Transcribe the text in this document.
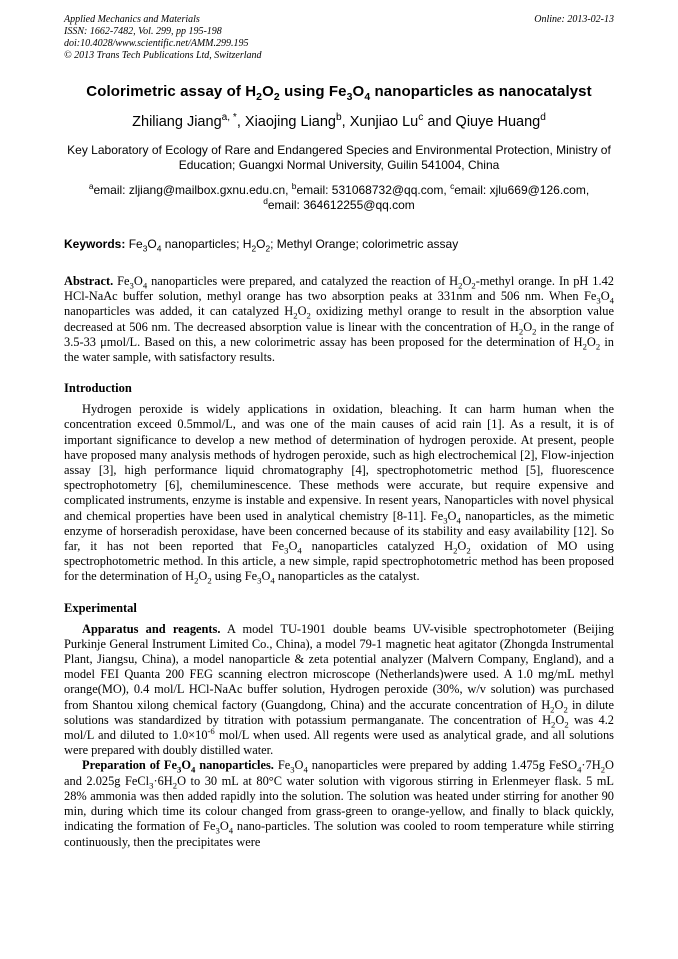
Applied Mechanics and Materials
ISSN: 1662-7482, Vol. 299, pp 195-198
doi:10.4028/www.scientific.net/AMM.299.195
© 2013 Trans Tech Publications Ltd, Switzerland
Online: 2013-02-13
Colorimetric assay of $H_2O_2$ using $Fe_3O_4$ nanoparticles as nanocatalyst
Zhiliang Jiang$^{a, *}$, Xiaojing Liang$^b$, Xunjiao Lu$^c$ and Qiuye Huang$^d$
Key Laboratory of Ecology of Rare and Endangered Species and Environmental Protection, Ministry of Education; Guangxi Normal University, Guilin 541004, China
$^a$email: zljiang@mailbox.gxnu.edu.cn, $^b$email: 531068732@qq.com, $^c$email: xjlu669@126.com,
$^d$email: 364612255@qq.com
Keywords: $Fe_3O_4$ nanoparticles; $H_2O_2$; Methyl Orange; colorimetric assay
Abstract. $Fe_3O_4$ nanoparticles were prepared, and catalyzed the reaction of $H_2O_2$-methyl orange. In pH 1.42 HCl-NaAc buffer solution, methyl orange has two absorption peaks at 331nm and 506 nm. When $Fe_3O_4$ nanoparticles was added, it can catalyzed $H_2O_2$ oxidizing methyl orange to result in the absorption value decreased at 506 nm. The decreased absorption value is linear with the concentration of $H_2O_2$ in the range of 3.5-33 μmol/L. Based on this, a new colorimetric assay has been proposed for the determination of $H_2O_2$ in the water sample, with satisfactory results.
Introduction
Hydrogen peroxide is widely applications in oxidation, bleaching. It can harm human when the concentration exceed 0.5mmol/L, and was one of the main causes of acid rain [1]. As a result, it is of important significance to develop a new method of determination of hydrogen peroxide. At present, people have proposed many analysis methods of hydrogen peroxide, such as high electrochemical [2], Flow-injection assay [3], high performance liquid chromatography [4], spectrophotometric method [5], fluorescence spectrophotometry [6], chemiluminescence. These methods were accurate, but require expensive and complicated instruments, enzyme is instable and expensive. In resent years, Nanoparticles with novel physical and chemical properties have been used in analytical chemistry [8-11]. $Fe_3O_4$ nanoparticles, as the mimetic enzyme of horseradish peroxidase, have been concerned because of its stability and easy availability [12]. So far, it has not been reported that $Fe_3O_4$ nanoparticles catalyzed $H_2O_2$ oxidation of MO using spectrophotometric method. In this article, a new simple, rapid spectrophotometric method has been proposed for the determination of $H_2O_2$ using $Fe_3O_4$ nanoparticles as the catalyst.
Experimental
Apparatus and reagents. A model TU-1901 double beams UV-visible spectrophotometer (Beijing Purkinje General Instrument Limited Co., China), a model 79-1 magnetic heat agitator (Zhongda Instrumental Plant, Jiangsu, China), a model nanoparticle & zeta potential analyzer (Malvern Company, England), and a model FEI Quanta 200 FEG scanning electron microscope (Netherlands)were used. A 1.0 mg/mL methyl orange(MO), 0.4 mol/L HCl-NaAc buffer solution, Hydrogen peroxide (30%, w/v solution) was purchased from Shantou xilong chemical factory (Guangdong, China) and the accurate concentration of $H_2O_2$ in dilute solutions was standardized by titration with potassium permanganate. The concentration of $H_2O_2$ was 4.2 mol/L and diluted to $1.0\times 10^{-6}$ mol/L when used. All regents were used as analytical grade, and all solutions were prepared with doubly distilled water.
Preparation of $Fe_3O_4$ nanoparticles. $Fe_3O_4$ nanoparticles were prepared by adding 1.475g $FeSO_4\cdot 7H_2O$ and 2.025g $FeCl_3\cdot 6H_2O$ to 30 mL at 80°C water solution with vigorous stirring in Erlenmeyer flask. 5 mL 28% ammonia was then added rapidly into the solution. The solution was heated under stirring for another 90 min, during which time its colour changed from grass-green to orange-yellow, and finally to black quickly, indicating the formation of $Fe_3O_4$ nano-particles. The solution was cooled to room temperature while stirring continuously, then the precipitates were
